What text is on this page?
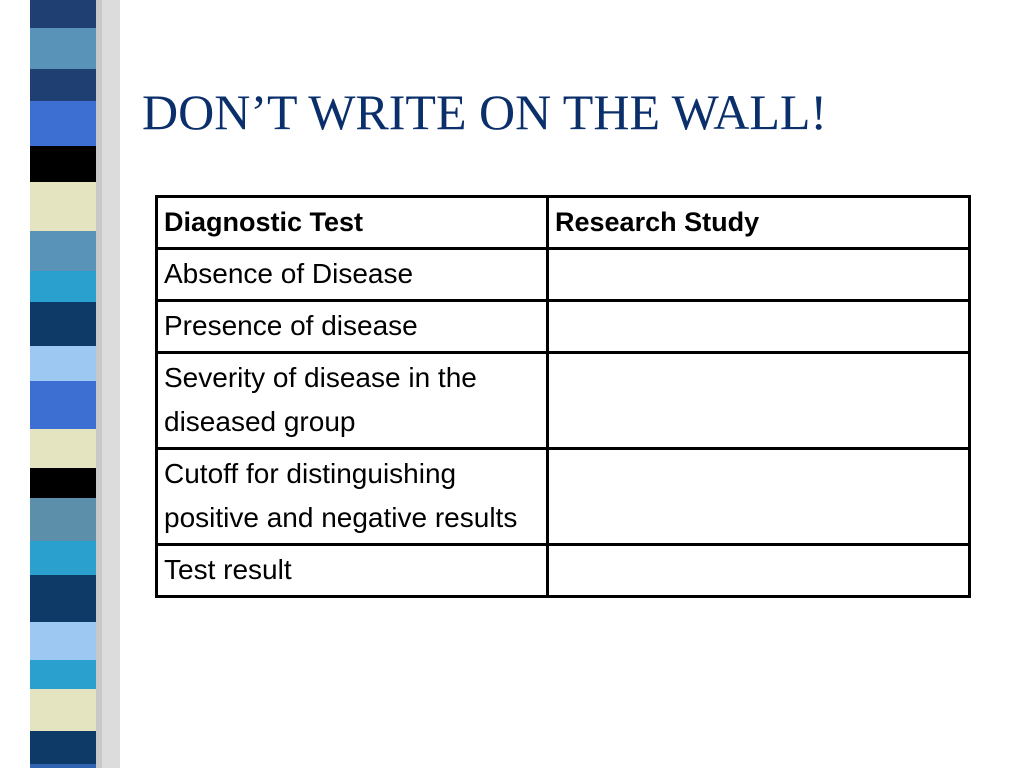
DON’T WRITE ON THE WALL!
Diagnostic Test	Research Study
Absence of Disease	
Presence of disease	
Severity of disease in the diseased group	
Cutoff for distinguishing positive and negative results	
Test result	
